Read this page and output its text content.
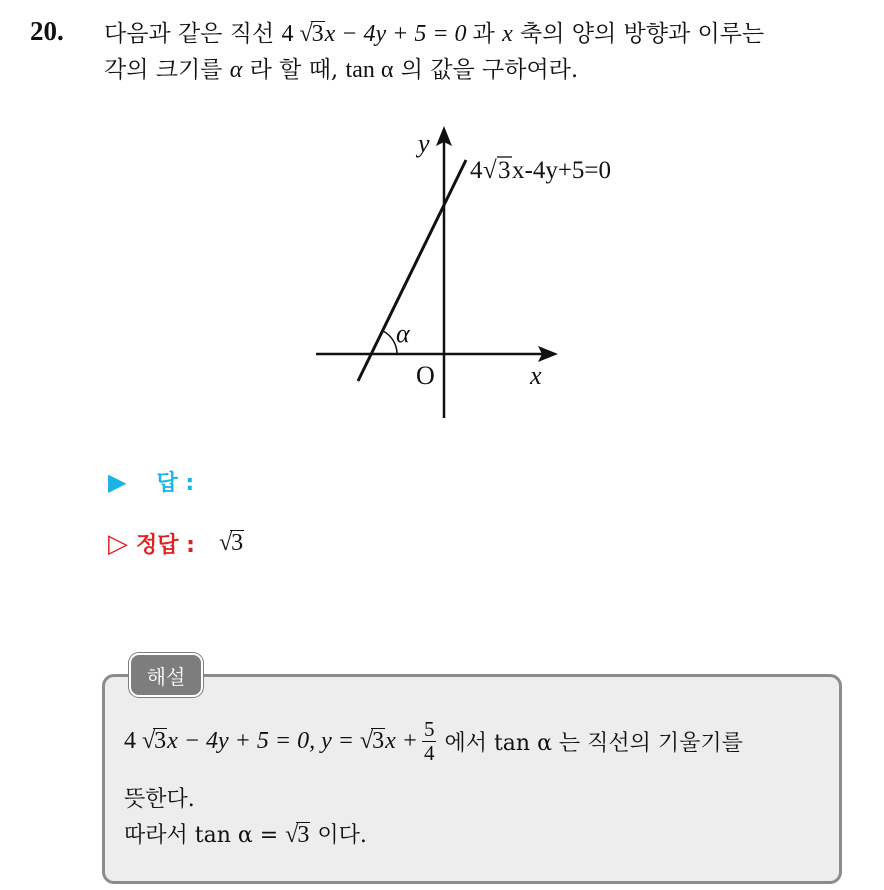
20. 다음과 같은 직선 4 √3x − 4y + 5 = 0 과 x 축의 양의 방향과 이루는
각의 크기를 α 라 할 때, tan α 의 값을 구하여라.
α
O	x
y
4 √ 3 x-4y+5=0
▶ 답 :
▷ 정답 : √3
해설
4 √3x − 4y + 5 = 0, $y = √3x + \frac{5}{4}$ 에서 tan α 는 직선의 기울기를
뜻한다.
따라서 tan α = √3 이다.
